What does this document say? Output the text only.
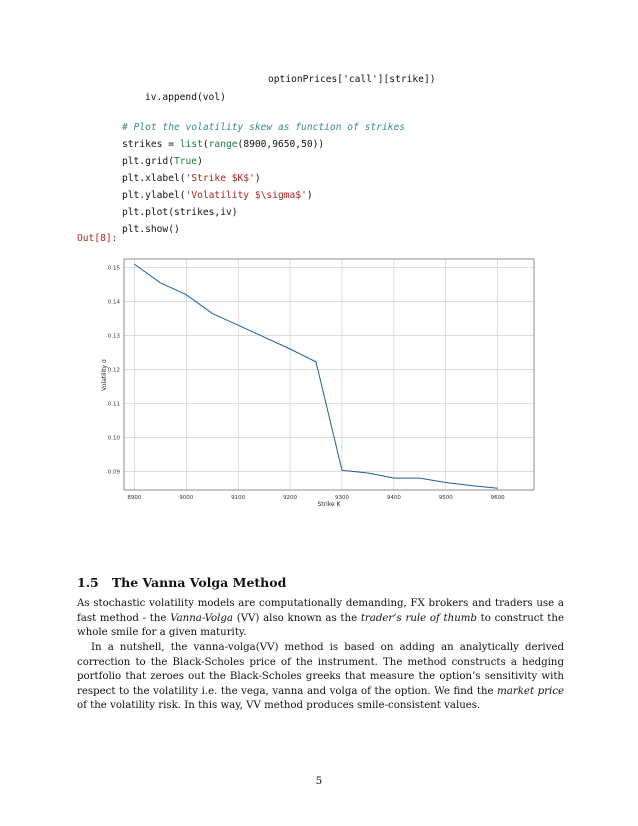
optionPrices['call'][strike])
iv.append(vol)
# Plot the volatility skew as function of strikes
strikes = list(range(8900,9650,50))
plt.grid(True)
plt.xlabel('Strike $K$')
plt.ylabel('Volatility $\sigma$')
plt.plot(strikes,iv)
plt.show()
Out[8]:
8900	9000	9100	9200	9300	9400	9500	9600
0.09
0.10
0.11
0.12
0.13
0.14
0.15
Strike K
Volatility σ
1.5 The Vanna Volga Method
As stochastic volatility models are computationally demanding, FX brokers and traders use a fast method - the Vanna-Volga (VV) also known as the trader’s rule of thumb to construct the whole smile for a given maturity.
In a nutshell, the vanna-volga(VV) method is based on adding an analytically derived correction to the Black-Scholes price of the instrument. The method constructs a hedging portfolio that zeroes out the Black-Scholes greeks that measure the option’s sensitivity with respect to the volatility i.e. the vega, vanna and volga of the option. We find the market price of the volatility risk. In this way, VV method produces smile-consistent values.
5
